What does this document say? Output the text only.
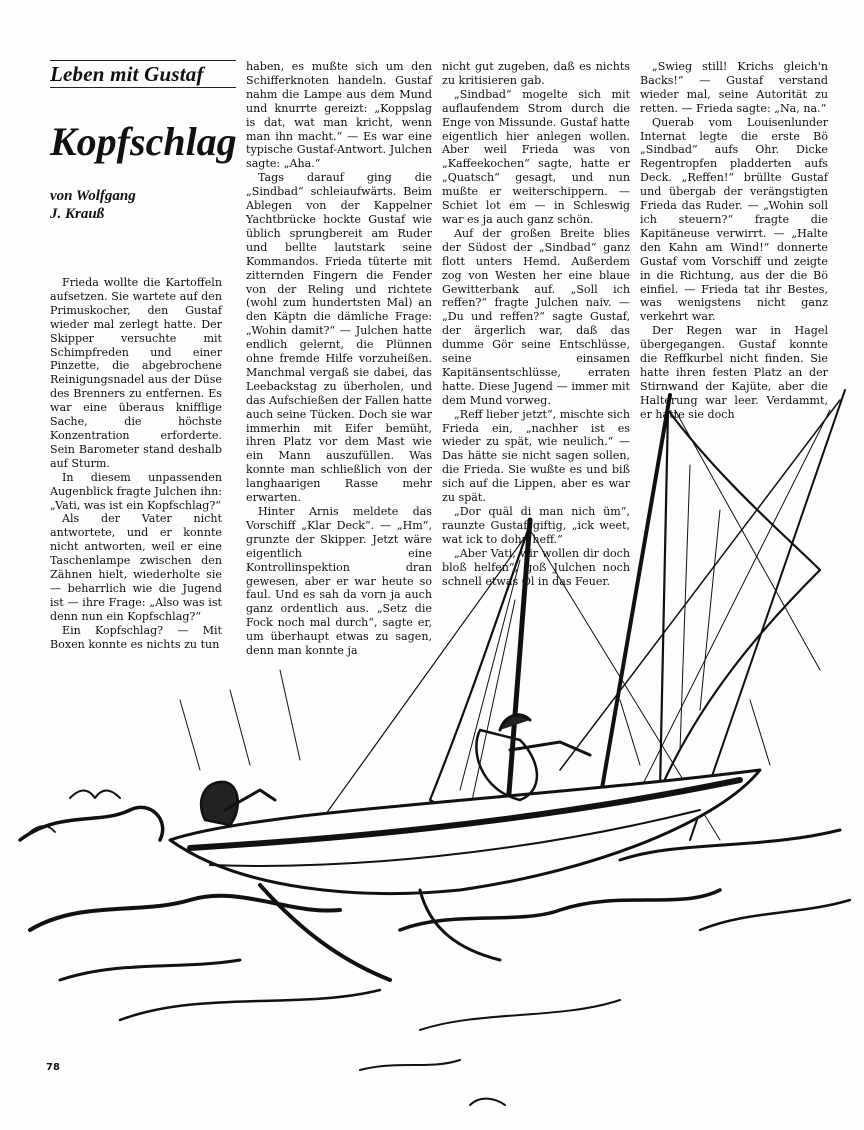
Leben mit Gustaf
Kopfschlag
von Wolfgang
J. Krauß

Frieda wollte die Kartoffeln aufsetzen. Sie wartete auf den Primuskocher, den Gustaf wieder mal zerlegt hatte. Der Skipper versuchte mit Schimpfreden und einer Pinzette, die abgebrochene Reinigungsnadel aus der Düse des Brenners zu entfernen. Es war eine überaus knifflige Sache, die höchste Konzentration erforderte. Sein Barometer stand deshalb auf Sturm.

In diesem unpassenden Augenblick fragte Julchen ihn: „Vati, was ist ein Kopfschlag?“

Als der Vater nicht antwortete, und er konnte nicht antworten, weil er eine Taschenlampe zwischen den Zähnen hielt, wiederholte sie — beharrlich wie die Jugend ist — ihre Frage: „Also was ist denn nun ein Kopfschlag?“

Ein Kopfschlag? — Mit Boxen konnte es nichts zu tun

haben, es mußte sich um den Schifferknoten handeln. Gustaf nahm die Lampe aus dem Mund und knurrte gereizt: „Koppslag is dat, wat man kricht, wenn man ihn macht.“ — Es war eine typische Gustaf-Antwort. Julchen sagte: „Aha.“

Tags darauf ging die „Sindbad“ schleiaufwärts. Beim Ablegen von der Kappelner Yachtbrücke hockte Gustaf wie üblich sprungbereit am Ruder und bellte lautstark seine Kommandos. Frieda tüterte mit zitternden Fingern die Fender von der Reling und richtete (wohl zum hundertsten Mal) an den Käptn die dämliche Frage: „Wohin damit?“ — Julchen hatte endlich gelernt, die Plünnen ohne fremde Hilfe vorzuheißen. Manchmal vergaß sie dabei, das Leebackstag zu überholen, und das Aufschießen der Fallen hatte auch seine Tücken. Doch sie war immerhin mit Eifer bemüht, ihren Platz vor dem Mast wie ein Mann auszufüllen. Was konnte man schließlich von der langhaarigen Rasse mehr erwarten.

Hinter Arnis meldete das Vorschiff „Klar Deck“. — „Hm“, grunzte der Skipper. Jetzt wäre eigentlich eine Kontrollinspektion dran gewesen, aber er war heute so faul. Und es sah da vorn ja auch ganz ordentlich aus. „Setz die Fock noch mal durch“, sagte er, um überhaupt etwas zu sagen, denn man konnte ja

nicht gut zugeben, daß es nichts zu kritisieren gab.

„Sindbad“ mogelte sich mit auflaufendem Strom durch die Enge von Missunde. Gustaf hatte eigentlich hier anlegen wollen. Aber weil Frieda was von „Kaffeekochen“ sagte, hatte er „Quatsch“ gesagt, und nun mußte er weiterschippern. — Schiet lot em — in Schleswig war es ja auch ganz schön.

Auf der großen Breite blies der Südost der „Sindbad“ ganz flott unters Hemd. Außerdem zog von Westen her eine blaue Gewitterbank auf. „Soll ich reffen?“ fragte Julchen naiv. — „Du und reffen?“ sagte Gustaf, der ärgerlich war, daß das dumme Gör seine Entschlüsse, seine einsamen Kapitänsentschlüsse, erraten hatte. Diese Jugend — immer mit dem Mund vorweg.

„Reff lieber jetzt“, mischte sich Frieda ein, „nachher ist es wieder zu spät, wie neulich.“ — Das hätte sie nicht sagen sollen, die Frieda. Sie wußte es und biß sich auf die Lippen, aber es war zu spät.

„Dor quäl di man nich üm“, raunzte Gustaf giftig, „ick weet, wat ick to dohn heff.“

„Aber Vati, wir wollen dir doch bloß helfen“, goß Julchen noch schnell etwas Öl in das Feuer.

„Swieg still! Krichs gleich'n Backs!“ — Gustaf verstand wieder mal, seine Autorität zu retten. — Frieda sagte: „Na, na.“

Querab vom Louisenlunder Internat legte die erste Bö „Sindbad“ aufs Ohr. Dicke Regentropfen pladderten aufs Deck. „Reffen!“ brüllte Gustaf und übergab der verängstigten Frieda das Ruder. — „Wohin soll ich steuern?“ fragte die Kapitäneuse verwirrt. — „Halte den Kahn am Wind!“ donnerte Gustaf vom Vorschiff und zeigte in die Richtung, aus der die Bö einfiel. — Frieda tat ihr Bestes, was wenigstens nicht ganz verkehrt war.

Der Regen war in Hagel übergegangen. Gustaf konnte die Reffkurbel nicht finden. Sie hatte ihren festen Platz an der Stirnwand der Kajüte, aber die Halterung war leer. Verdammt, er hatte sie doch

78
